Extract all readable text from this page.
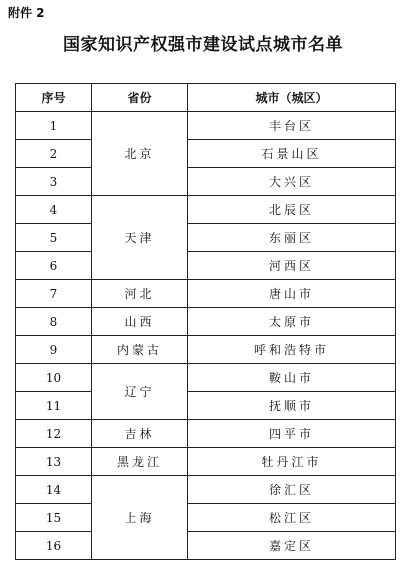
附件 2
国家知识产权强市建设试点城市名单
序号	省份	城市（城区）
1	北京	丰台区
2		石景山区
3		大兴区
4	天津	北辰区
5		东丽区
6		河西区
7	河北	唐山市
8	山西	太原市
9	内蒙古	呼和浩特市
10	辽宁	鞍山市
11		抚顺市
12	吉林	四平市
13	黑龙江	牡丹江市
14	上海	徐汇区
15		松江区
16		嘉定区
